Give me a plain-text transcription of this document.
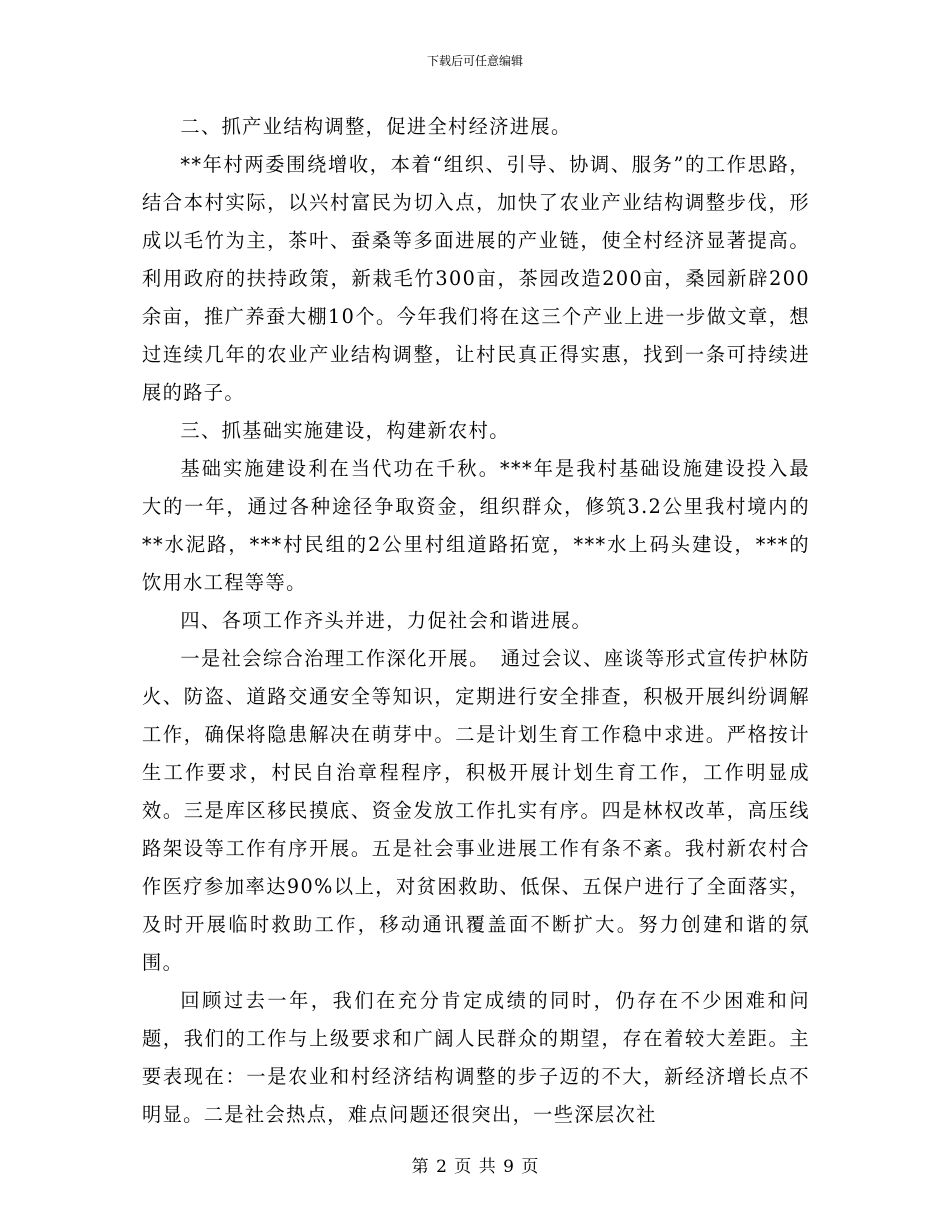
下载后可任意编辑

二、抓产业结构调整，促进全村经济进展。

**年村两委围绕增收，本着“组织、引导、协调、服务”的工作思路，结合本村实际，以兴村富民为切入点，加快了农业产业结构调整步伐，形成以毛竹为主，茶叶、蚕桑等多面进展的产业链，使全村经济显著提高。利用政府的扶持政策，新栽毛竹300亩，茶园改造200亩，桑园新辟200余亩，推广养蚕大棚10个。今年我们将在这三个产业上进一步做文章，想过连续几年的农业产业结构调整，让村民真正得实惠，找到一条可持续进展的路子。

三、抓基础实施建设，构建新农村。

基础实施建设利在当代功在千秋。***年是我村基础设施建设投入最大的一年，通过各种途径争取资金，组织群众，修筑3.2公里我村境内的**水泥路，***村民组的2公里村组道路拓宽，***水上码头建设，***的饮用水工程等等。

四、各项工作齐头并进，力促社会和谐进展。

一是社会综合治理工作深化开展。　通过会议、座谈等形式宣传护林防火、防盗、道路交通安全等知识，定期进行安全排查，积极开展纠纷调解工作，确保将隐患解决在萌芽中。二是计划生育工作稳中求进。严格按计生工作要求，村民自治章程程序，积极开展计划生育工作，工作明显成效。三是库区移民摸底、资金发放工作扎实有序。四是林权改革，高压线路架设等工作有序开展。五是社会事业进展工作有条不紊。我村新农村合作医疗参加率达90%以上，对贫困救助、低保、五保户进行了全面落实，及时开展临时救助工作，移动通讯覆盖面不断扩大。努力创建和谐的氛围。

回顾过去一年，我们在充分肯定成绩的同时，仍存在不少困难和问题，我们的工作与上级要求和广阔人民群众的期望，存在着较大差距。主要表现在：一是农业和村经济结构调整的步子迈的不大，新经济增长点不明显。二是社会热点，难点问题还很突出，一些深层次社

第 2 页 共 9 页
